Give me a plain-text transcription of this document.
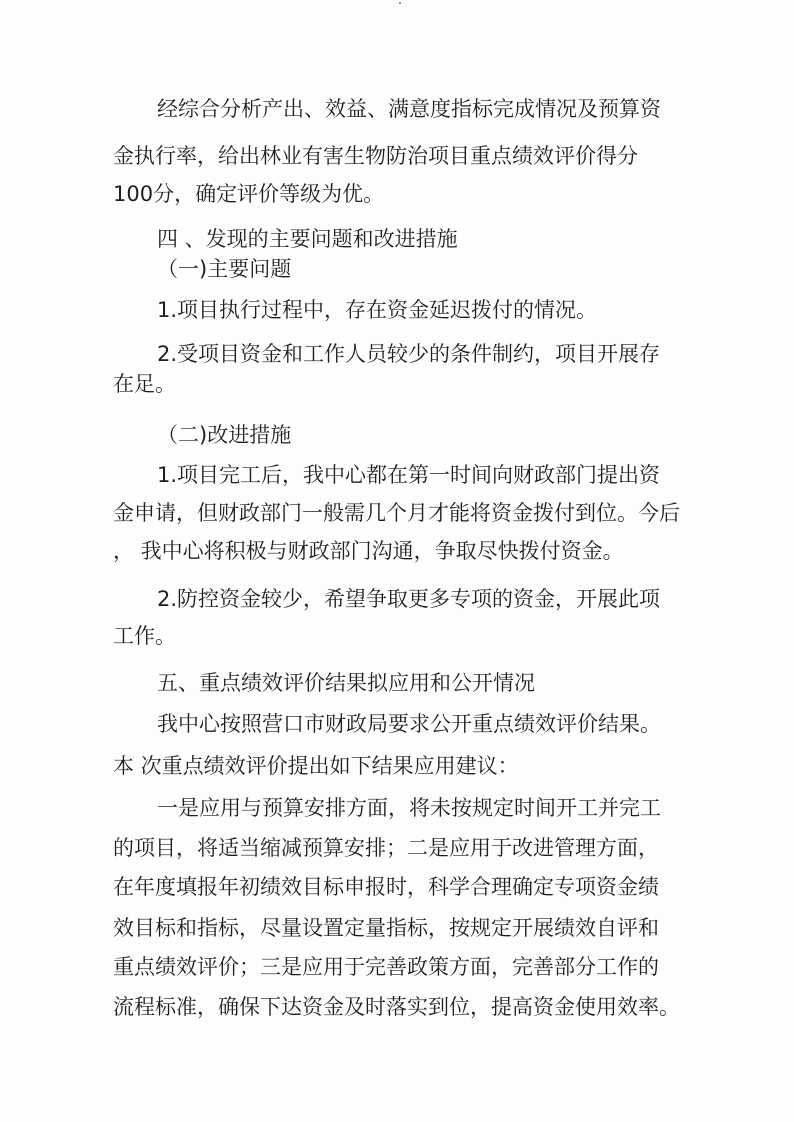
经综合分析产出、效益、满意度指标完成情况及预算资
金执行率，给出林业有害生物防治项目重点绩效评价得分
100分，确定评价等级为优。
四 、发现的主要问题和改进措施
（一)主要问题
1.项目执行过程中，存在资金延迟拨付的情况。
2.受项目资金和工作人员较少的条件制约，项目开展存
在足。
（二)改进措施
1.项目完工后，我中心都在第一时间向财政部门提出资
金申请，但财政部门一般需几个月才能将资金拨付到位。今后
， 我中心将积极与财政部门沟通，争取尽快拨付资金。
2.防控资金较少，希望争取更多专项的资金，开展此项
工作。
五、重点绩效评价结果拟应用和公开情况
我中心按照营口市财政局要求公开重点绩效评价结果。
本 次重点绩效评价提出如下结果应用建议：
一是应用与预算安排方面，将未按规定时间开工并完工
的项目，将适当缩减预算安排；二是应用于改进管理方面，
在年度填报年初绩效目标申报时，科学合理确定专项资金绩
效目标和指标，尽量设置定量指标，按规定开展绩效自评和
重点绩效评价；三是应用于完善政策方面，完善部分工作的
流程标准，确保下达资金及时落实到位，提高资金使用效率。
